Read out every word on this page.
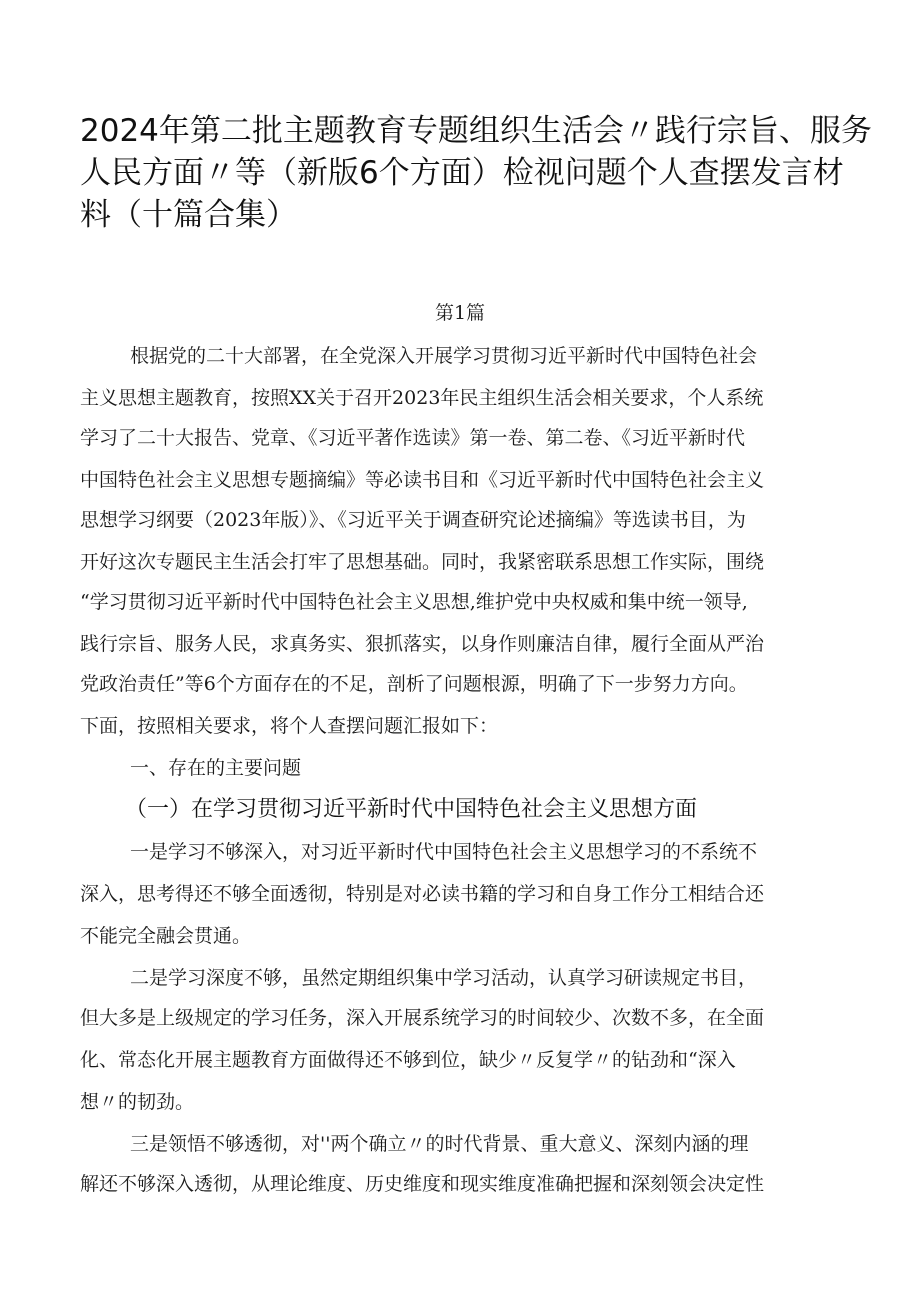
2024年第二批主题教育专题组织生活会〃践行宗旨、服务
人民方面〃等（新版6个方面）检视问题个人查摆发言材
料（十篇合集）
第1篇
根据党的二十大部署，在全党深入开展学习贯彻习近平新时代中国特色社会
主义思想主题教育，按照XX关于召开2023年民主组织生活会相关要求，个人系统
学习了二十大报告、党章、《习近平著作选读》第一卷、第二卷、《习近平新时代
中国特色社会主义思想专题摘编》等必读书目和《习近平新时代中国特色社会主义
思想学习纲要（2023年版）》、《习近平关于调查研究论述摘编》等选读书目，为
开好这次专题民主生活会打牢了思想基础。同时，我紧密联系思想工作实际，围绕
“学习贯彻习近平新时代中国特色社会主义思想,维护党中央权威和集中统一领导,
践行宗旨、服务人民，求真务实、狠抓落实，以身作则廉洁自律，履行全面从严治
党政治责任”等6个方面存在的不足，剖析了问题根源，明确了下一步努力方向。
下面，按照相关要求，将个人查摆问题汇报如下：
一、存在的主要问题
（一）在学习贯彻习近平新时代中国特色社会主义思想方面
一是学习不够深入，对习近平新时代中国特色社会主义思想学习的不系统不
深入，思考得还不够全面透彻，特别是对必读书籍的学习和自身工作分工相结合还
不能完全融会贯通。
二是学习深度不够，虽然定期组织集中学习活动，认真学习研读规定书目，
但大多是上级规定的学习任务，深入开展系统学习的时间较少、次数不多，在全面
化、常态化开展主题教育方面做得还不够到位，缺少〃反复学〃的钻劲和“深入
想〃的韧劲。
三是领悟不够透彻，对''两个确立〃的时代背景、重大意义、深刻内涵的理
解还不够深入透彻，从理论维度、历史维度和现实维度准确把握和深刻领会决定性
